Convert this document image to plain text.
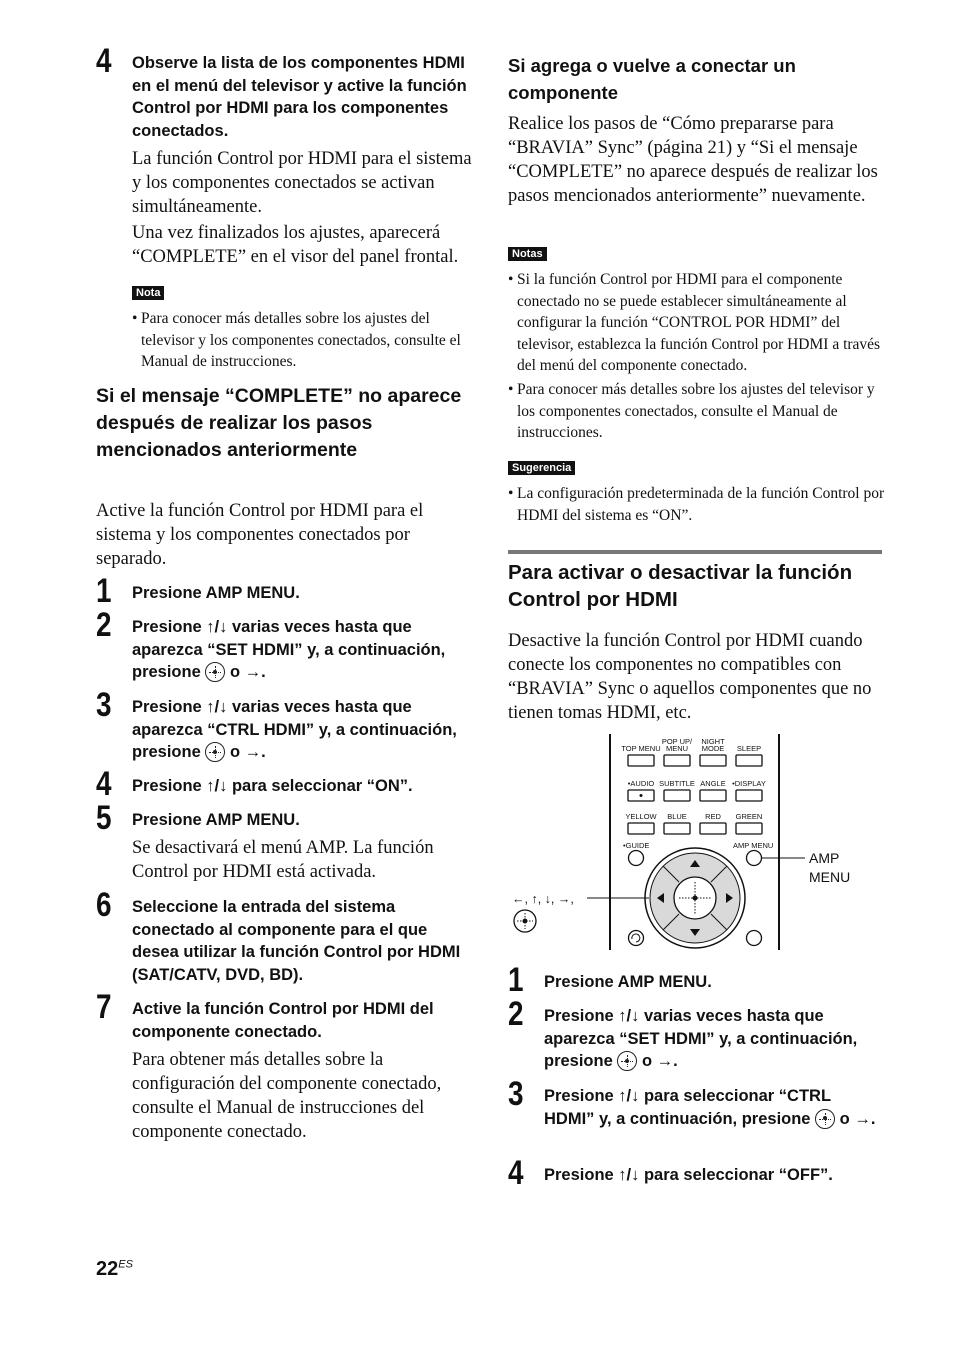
4 Observe la lista de los componentes HDMI en el menú del televisor y active la función Control por HDMI para los componentes conectados.
La función Control por HDMI para el sistema y los componentes conectados se activan simultáneamente.
Una vez finalizados los ajustes, aparecerá “COMPLETE” en el visor del panel frontal.
Nota
• Para conocer más detalles sobre los ajustes del televisor y los componentes conectados, consulte el Manual de instrucciones.
Si el mensaje “COMPLETE” no aparece después de realizar los pasos mencionados anteriormente
Active la función Control por HDMI para el sistema y los componentes conectados por separado.
1 Presione AMP MENU.
2 Presione ↑/↓ varias veces hasta que aparezca “SET HDMI” y, a continuación, presione
o →.
3 Presione ↑/↓ varias veces hasta que aparezca “CTRL HDMI” y, a continuación, presione
o →.
4 Presione ↑/↓ para seleccionar “ON”.
5 Presione AMP MENU.
Se desactivará el menú AMP. La función Control por HDMI está activada.
6 Seleccione la entrada del sistema conectado al componente para el que desea utilizar la función Control por HDMI (SAT/CATV, DVD, BD).
7 Active la función Control por HDMI del componente conectado.
Para obtener más detalles sobre la configuración del componente conectado, consulte el Manual de instrucciones del componente conectado.
Si agrega o vuelve a conectar un componente
Realice los pasos de “Cómo prepararse para “BRAVIA” Sync” (página 21) y “Si el mensaje “COMPLETE” no aparece después de realizar los pasos mencionados anteriormente” nuevamente.
Notas
• Si la función Control por HDMI para el componente conectado no se puede establecer simultáneamente al configurar la función “CONTROL POR HDMI” del televisor, establezca la función Control por HDMI a través del menú del componente conectado.
• Para conocer más detalles sobre los ajustes del televisor y los componentes conectados, consulte el Manual de instrucciones.
Sugerencia
• La configuración predeterminada de la función Control por HDMI del sistema es “ON”.
Para activar o desactivar la función Control por HDMI
Desactive la función Control por HDMI cuando conecte los componentes no compatibles con “BRAVIA” Sync o aquellos componentes que no tienen tomas HDMI, etc.
TOP MENU
POP UP/
MENU
NIGHT
MODE SLEEP
•AUDIO SUBTITLE ANGLE •DISPLAY
YELLOW BLUE RED GREEN
•GUIDE	AMP MENU
AMP
MENU
←, ↑, ↓, →,
1 Presione AMP MENU.
2 Presione ↑/↓ varias veces hasta que aparezca “SET HDMI” y, a continuación, presione
o →.
3 Presione ↑/↓ para seleccionar “CTRL HDMI” y, a continuación, presione
o →.
4 Presione ↑/↓ para seleccionar “OFF”.
$22^{ES}$
